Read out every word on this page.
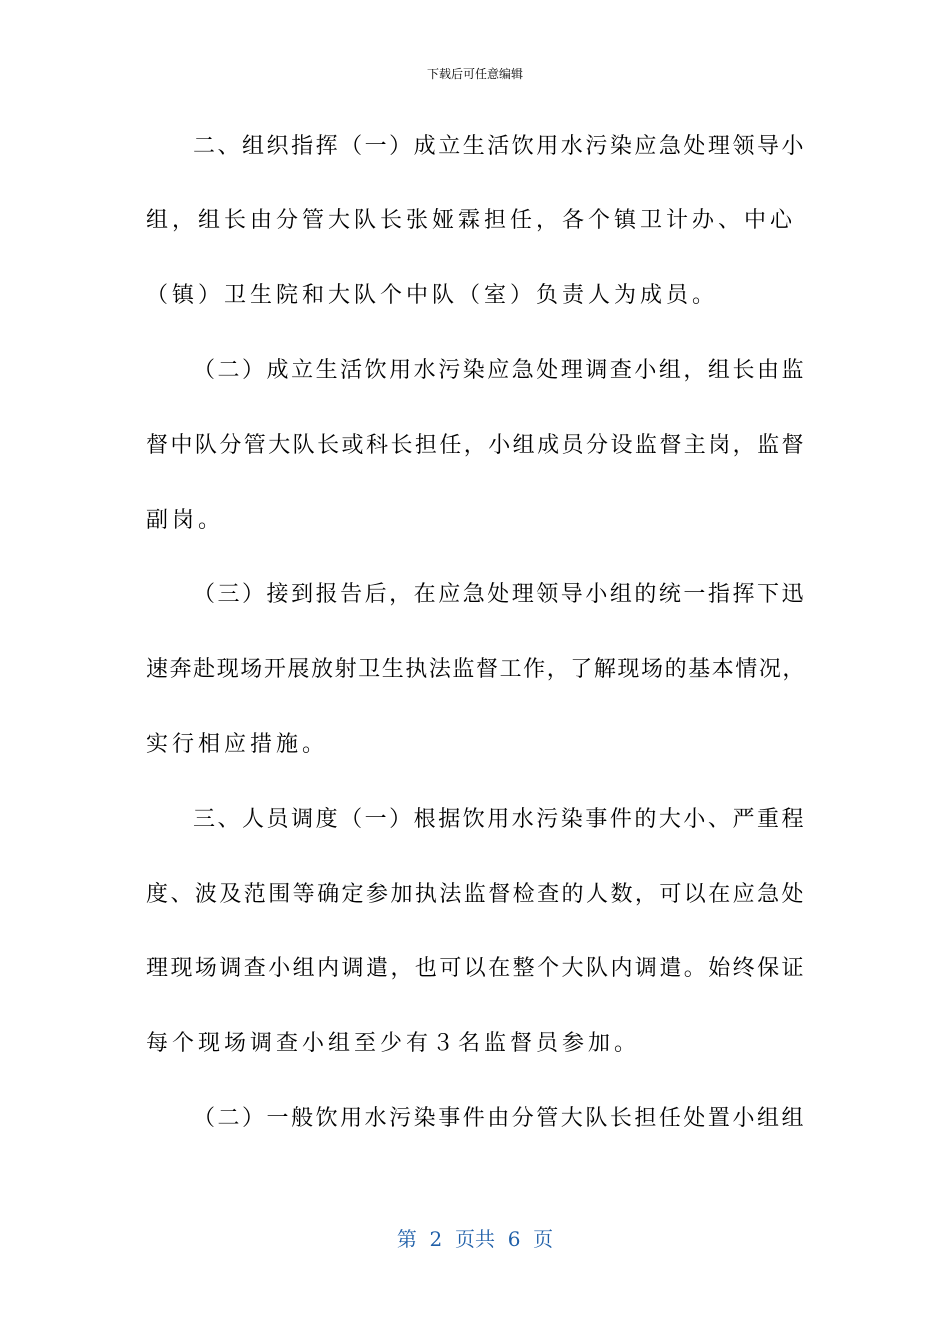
下载后可任意编辑
二、组织指挥（一）成立生活饮用水污染应急处理领导小
组，组长由分管大队长张娅霖担任，各个镇卫计办、中心
（镇）卫生院和大队个中队（室）负责人为成员。
（二）成立生活饮用水污染应急处理调查小组，组长由监
督中队分管大队长或科长担任，小组成员分设监督主岗，监督
副岗。
（三）接到报告后，在应急处理领导小组的统一指挥下迅
速奔赴现场开展放射卫生执法监督工作，了解现场的基本情况，
实行相应措施。
三、人员调度（一）根据饮用水污染事件的大小、严重程
度、波及范围等确定参加执法监督检查的人数，可以在应急处
理现场调查小组内调遣，也可以在整个大队内调遣。始终保证
每个现场调查小组至少有３名监督员参加。
（二）一般饮用水污染事件由分管大队长担任处置小组组
第  2  页共  6  页
